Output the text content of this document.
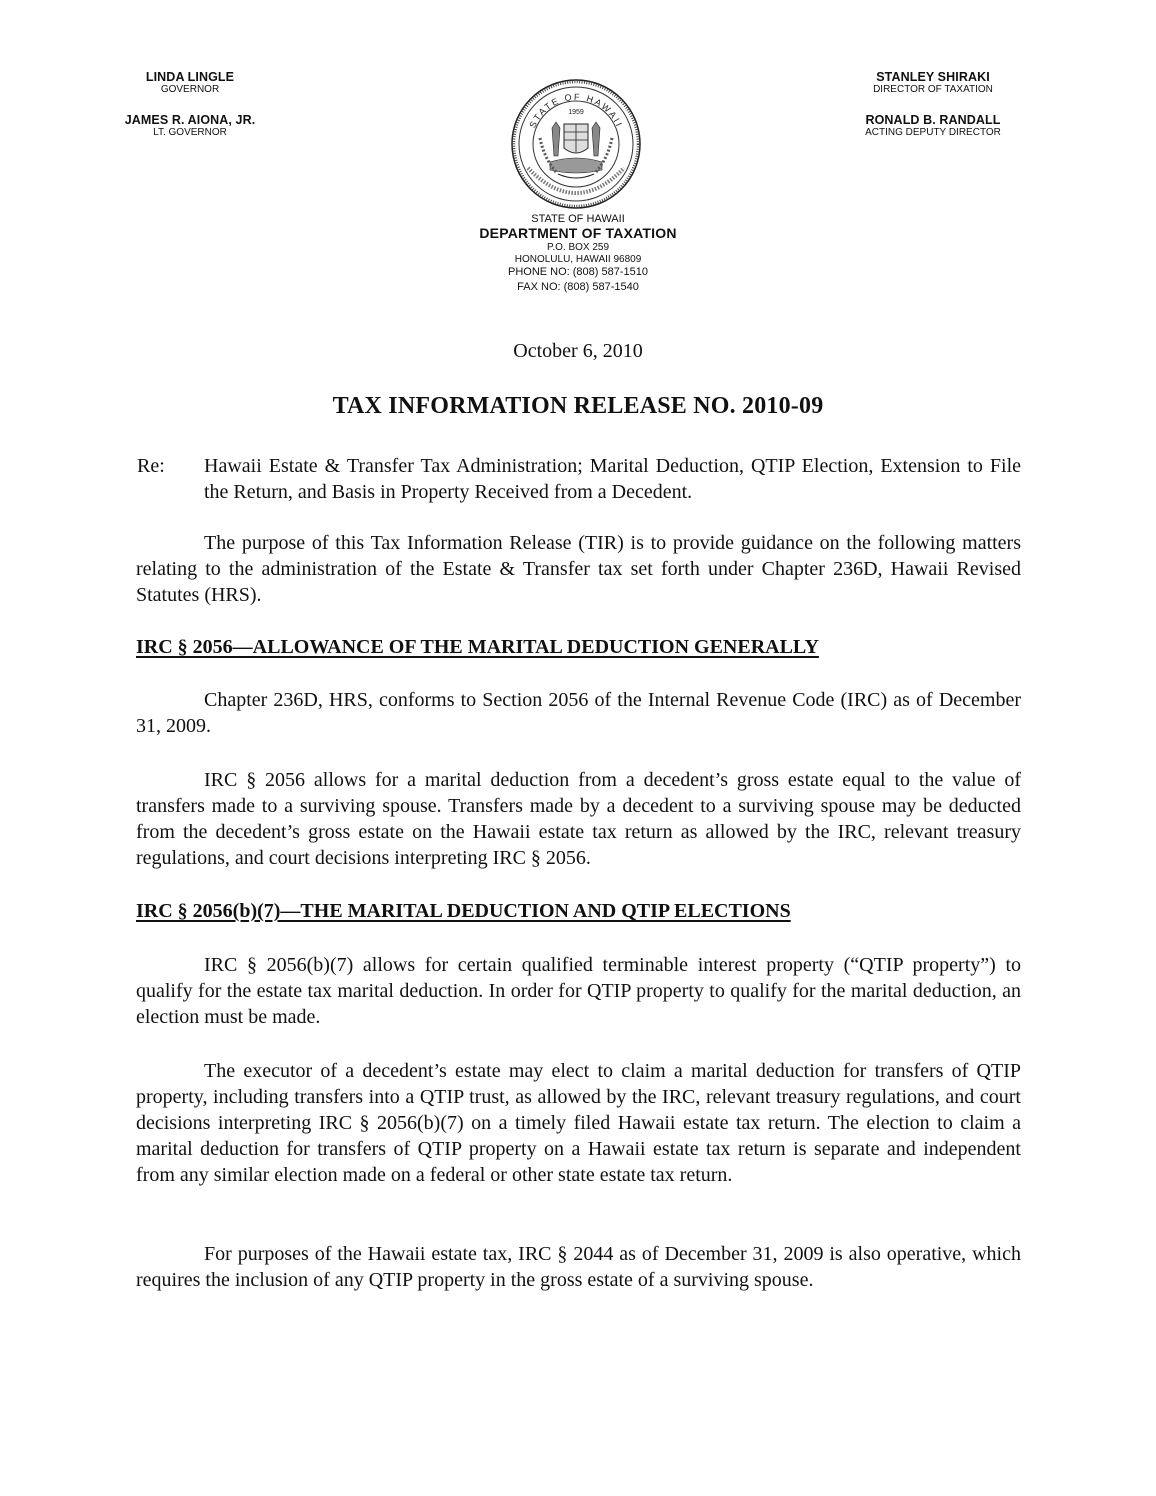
LINDA LINGLE
GOVERNOR
JAMES R. AIONA, JR.
LT. GOVERNOR
STATE OF HAWAII
1959
STANLEY SHIRAKI
DIRECTOR OF TAXATION
RONALD B. RANDALL
ACTING DEPUTY DIRECTOR
STATE OF HAWAII
DEPARTMENT OF TAXATION
P.O. BOX 259
HONOLULU, HAWAII 96809
PHONE NO: (808) 587-1510
FAX NO: (808) 587-1540
October 6, 2010
TAX INFORMATION RELEASE NO. 2010-09
Re: Hawaii Estate & Transfer Tax Administration; Marital Deduction, QTIP Election, Extension to File the Return, and Basis in Property Received from a Decedent.

The purpose of this Tax Information Release (TIR) is to provide guidance on the following matters relating to the administration of the Estate & Transfer tax set forth under Chapter 236D, Hawaii Revised Statutes (HRS).

IRC § 2056—ALLOWANCE OF THE MARITAL DEDUCTION GENERALLY

Chapter 236D, HRS, conforms to Section 2056 of the Internal Revenue Code (IRC) as of December 31, 2009.

IRC § 2056 allows for a marital deduction from a decedent’s gross estate equal to the value of transfers made to a surviving spouse. Transfers made by a decedent to a surviving spouse may be deducted from the decedent’s gross estate on the Hawaii estate tax return as allowed by the IRC, relevant treasury regulations, and court decisions interpreting IRC § 2056.

IRC § 2056(b)(7)—THE MARITAL DEDUCTION AND QTIP ELECTIONS

IRC § 2056(b)(7) allows for certain qualified terminable interest property (“QTIP property”) to qualify for the estate tax marital deduction. In order for QTIP property to qualify for the marital deduction, an election must be made.

The executor of a decedent’s estate may elect to claim a marital deduction for transfers of QTIP property, including transfers into a QTIP trust, as allowed by the IRC, relevant treasury regulations, and court decisions interpreting IRC § 2056(b)(7) on a timely filed Hawaii estate tax return. The election to claim a marital deduction for transfers of QTIP property on a Hawaii estate tax return is separate and independent from any similar election made on a federal or other state estate tax return.

For purposes of the Hawaii estate tax, IRC § 2044 as of December 31, 2009 is also operative, which requires the inclusion of any QTIP property in the gross estate of a surviving spouse.
